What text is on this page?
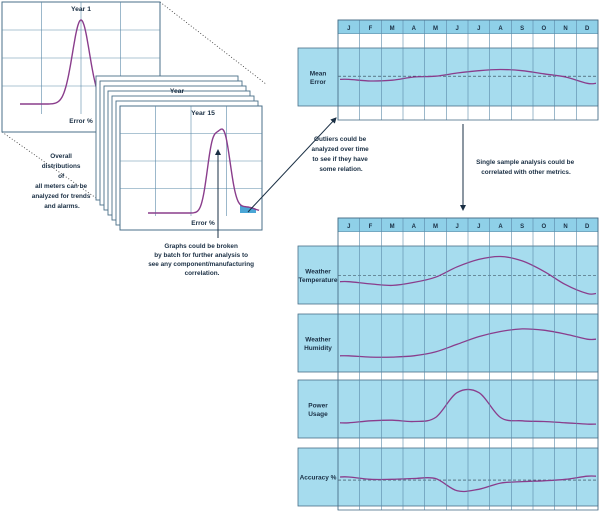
Year 1
Error %
Year
Year 15
Error %
Overall distributions of all meters can be analyzed for trends and alarms.
Graphs could be broken by batch for further analysis to see any component/manufacturing correlation.
Outliers could be analyzed over time to see if they have some relation.
Single sample analysis could be correlated with other metrics.
J	F	M	A	M	J	J	A	S	O	N	D
Mean
Error
J	F	M	A	M	J	J	A	S	O	N	D
Weather
Temperature
Weather
Humidity
Power
Usage
Accuracy %
